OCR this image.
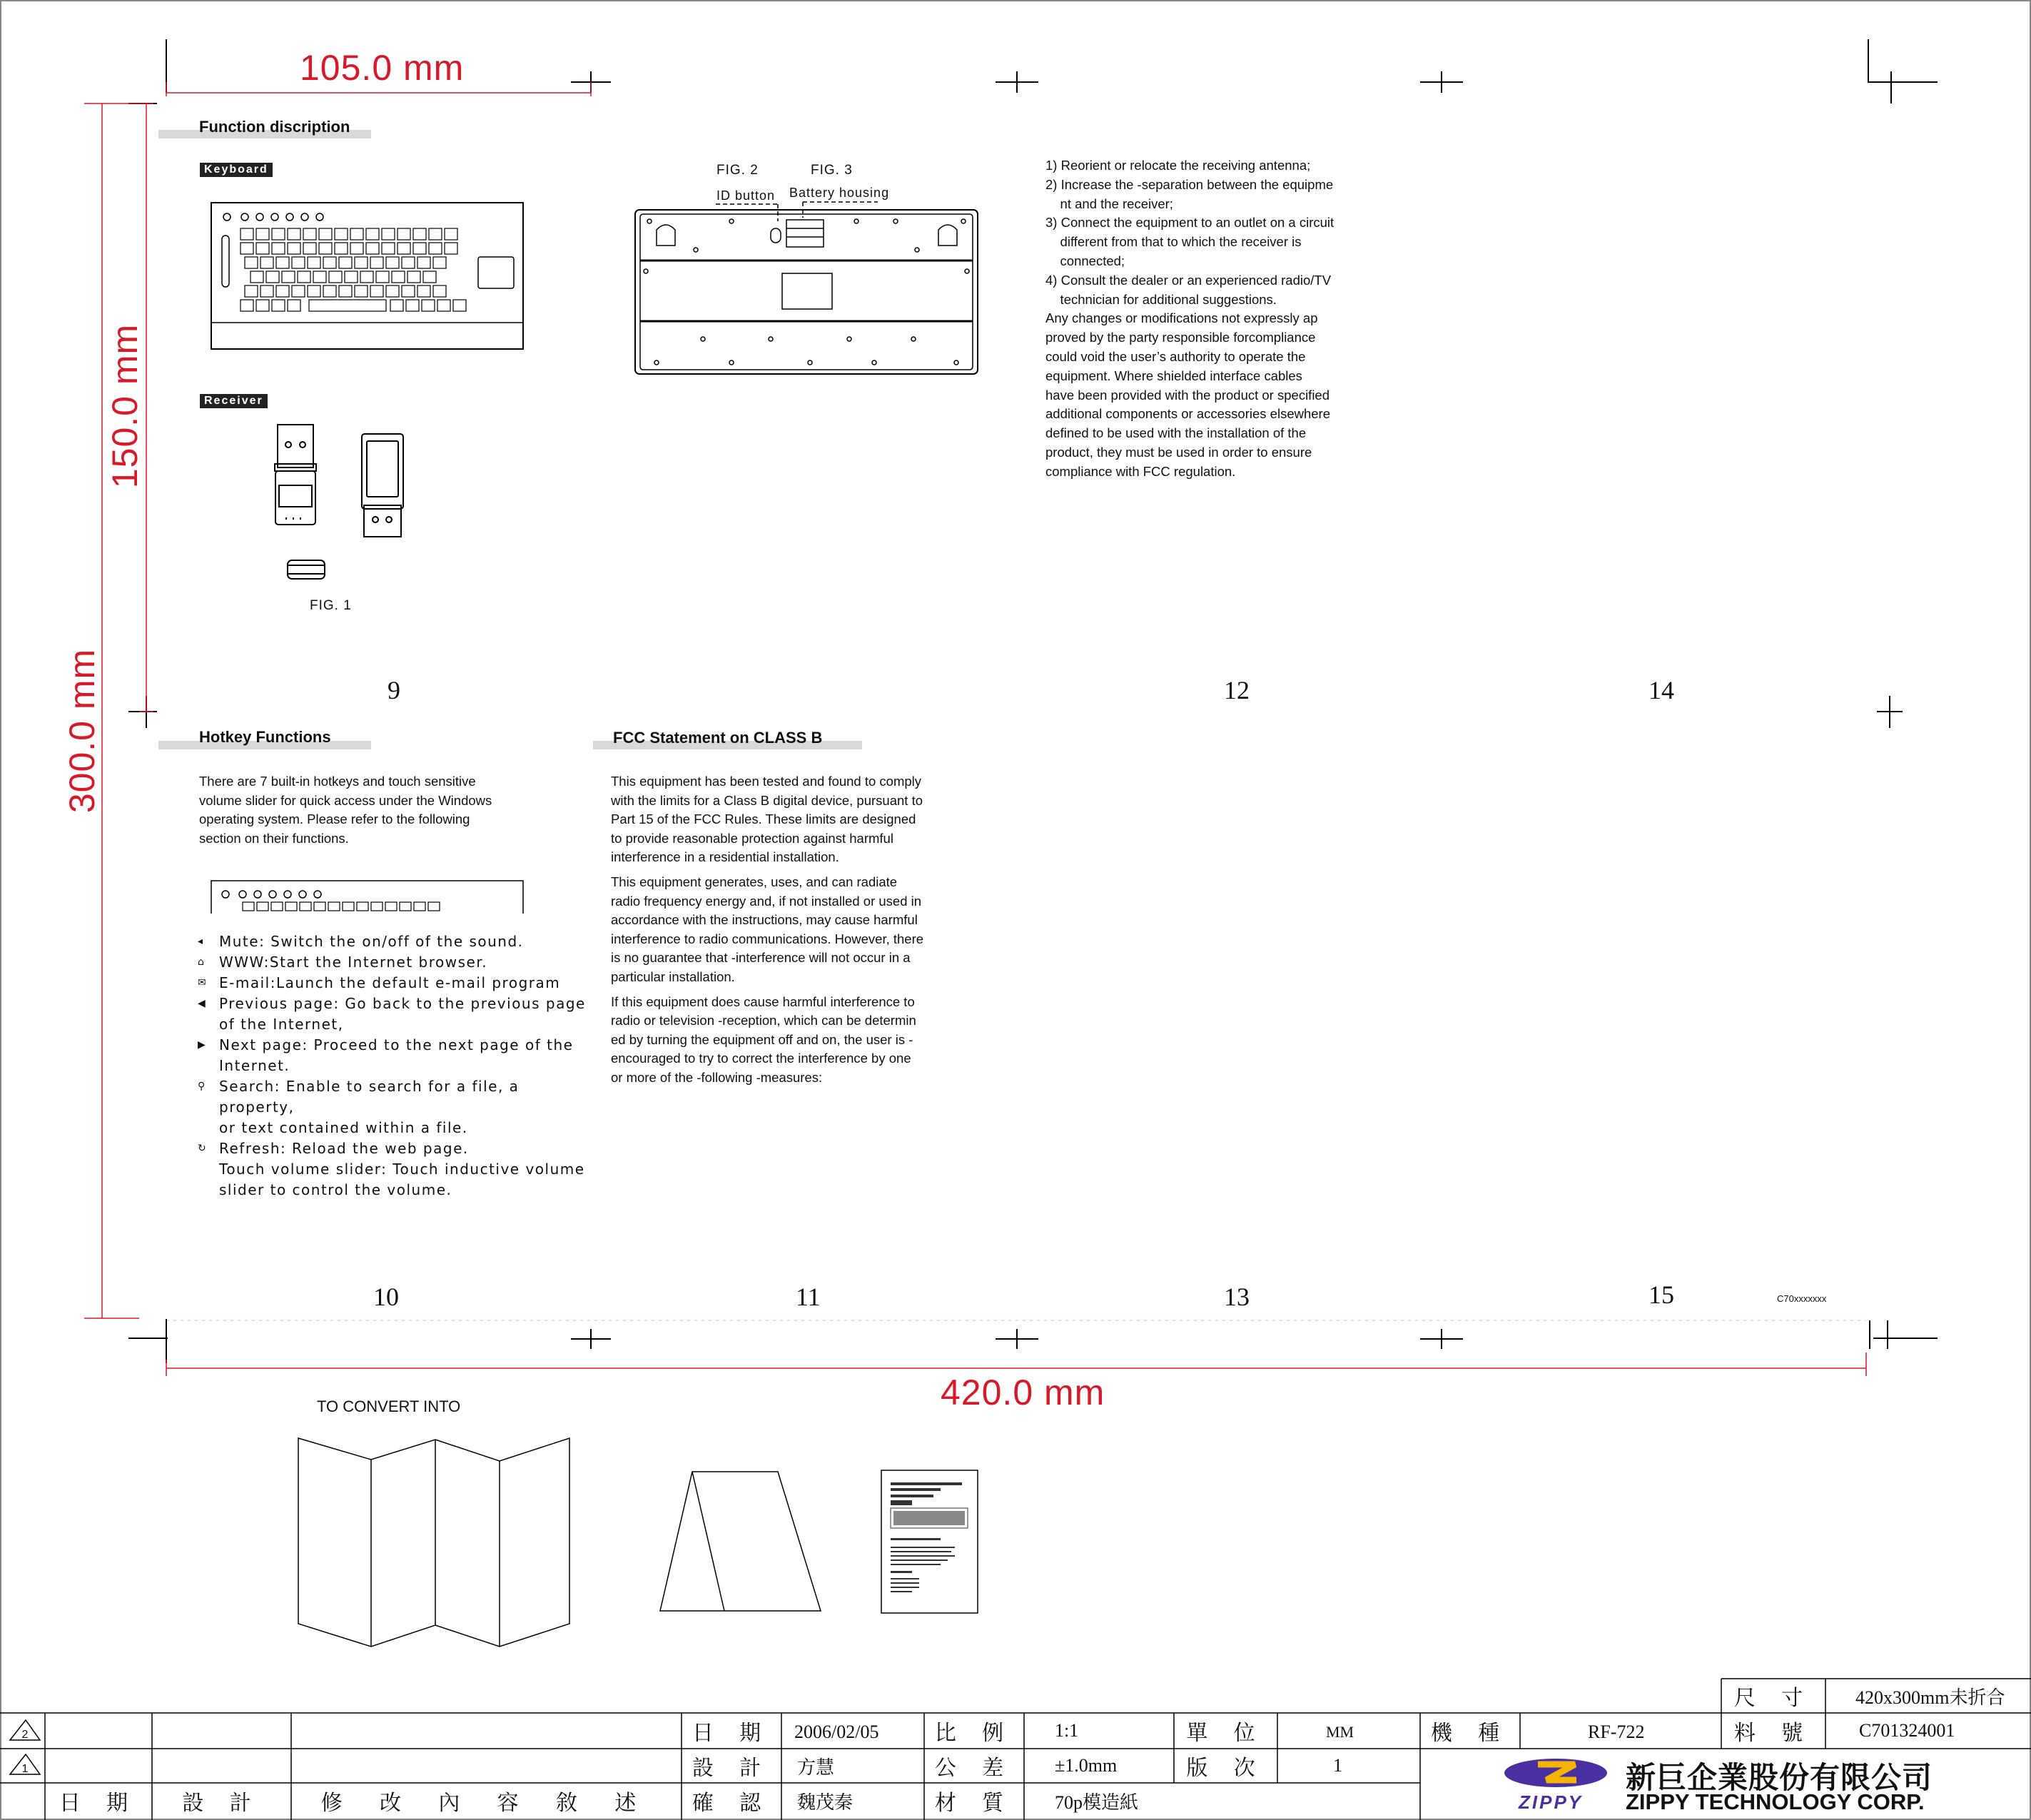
105.0 mm
150.0 mm
300.0 mm
420.0 mm
Function discription
Keyboard
Receiver
FIG. 1
FIG. 2	FIG. 3
ID button Battery housing
1) Reorient or relocate the receiving antenna;
2) Increase the -separation between the equipme
nt and the receiver;
3) Connect the equipment to an outlet on a circuit
different from that to which the receiver is
connected;
4) Consult the dealer or an experienced radio/TV
technician for additional suggestions.
Any changes or modifications not expressly ap
proved by the party responsible forcompliance
could void the user’s authority to operate the
equipment. Where shielded interface cables
have been provided with the product or specified
additional components or accessories elsewhere
defined to be used with the installation of the
product, they must be used in order to ensure
compliance with FCC regulation.
9	12	14
10	11	13	15
Hotkey Functions
There are 7 built-in hotkeys and touch sensitive
volume slider for quick access under the Windows
operating system. Please refer to the following
section on their functions.
◂	Mute: Switch the on/off of the sound.
⌂ WWW:Start the Internet browser.
✉ E-mail:Launch the default e-mail program
◀ Previous page: Go back to the previous page
of the Internet,
▶ Next page: Proceed to the next page of the
Internet.
⚲ Search: Enable to search for a file, a property,
or text contained within a file.
↻ Refresh: Reload the web page.
Touch volume slider: Touch inductive volume
slider to control the volume.
FCC Statement on CLASS B

This equipment has been tested and found to comply
with the limits for a Class B digital device, pursuant to
Part 15 of the FCC Rules. These limits are designed
to provide reasonable protection against harmful
interference in a residential installation.

This equipment generates, uses, and can radiate
radio frequency energy and, if not installed or used in
accordance with the instructions, may cause harmful
interference to radio communications. However, there
is no guarantee that -interference will not occur in a
particular installation.

If this equipment does cause harmful interference to
radio or television -reception, which can be determin
ed by turning the equipment off and on, the user is -
encouraged to try to correct the interference by one
or more of the -following -measures:

C70xxxxxxx
TO CONVERT INTO
2
1
尺 寸	420x300mm未折合
料 號	C701324001
機 種	RF-722
日 期	2006/02/05	比 例	1:1	單 位	MM
設 計	方慧	公 差	±1.0mm	版 次	1
確 認	魏茂秦	材 質	70p模造紙
日 期	設 計	修 改 內 容 敘 述	ZIPPY
新巨企業股份有限公司
ZIPPY TECHNOLOGY CORP.
